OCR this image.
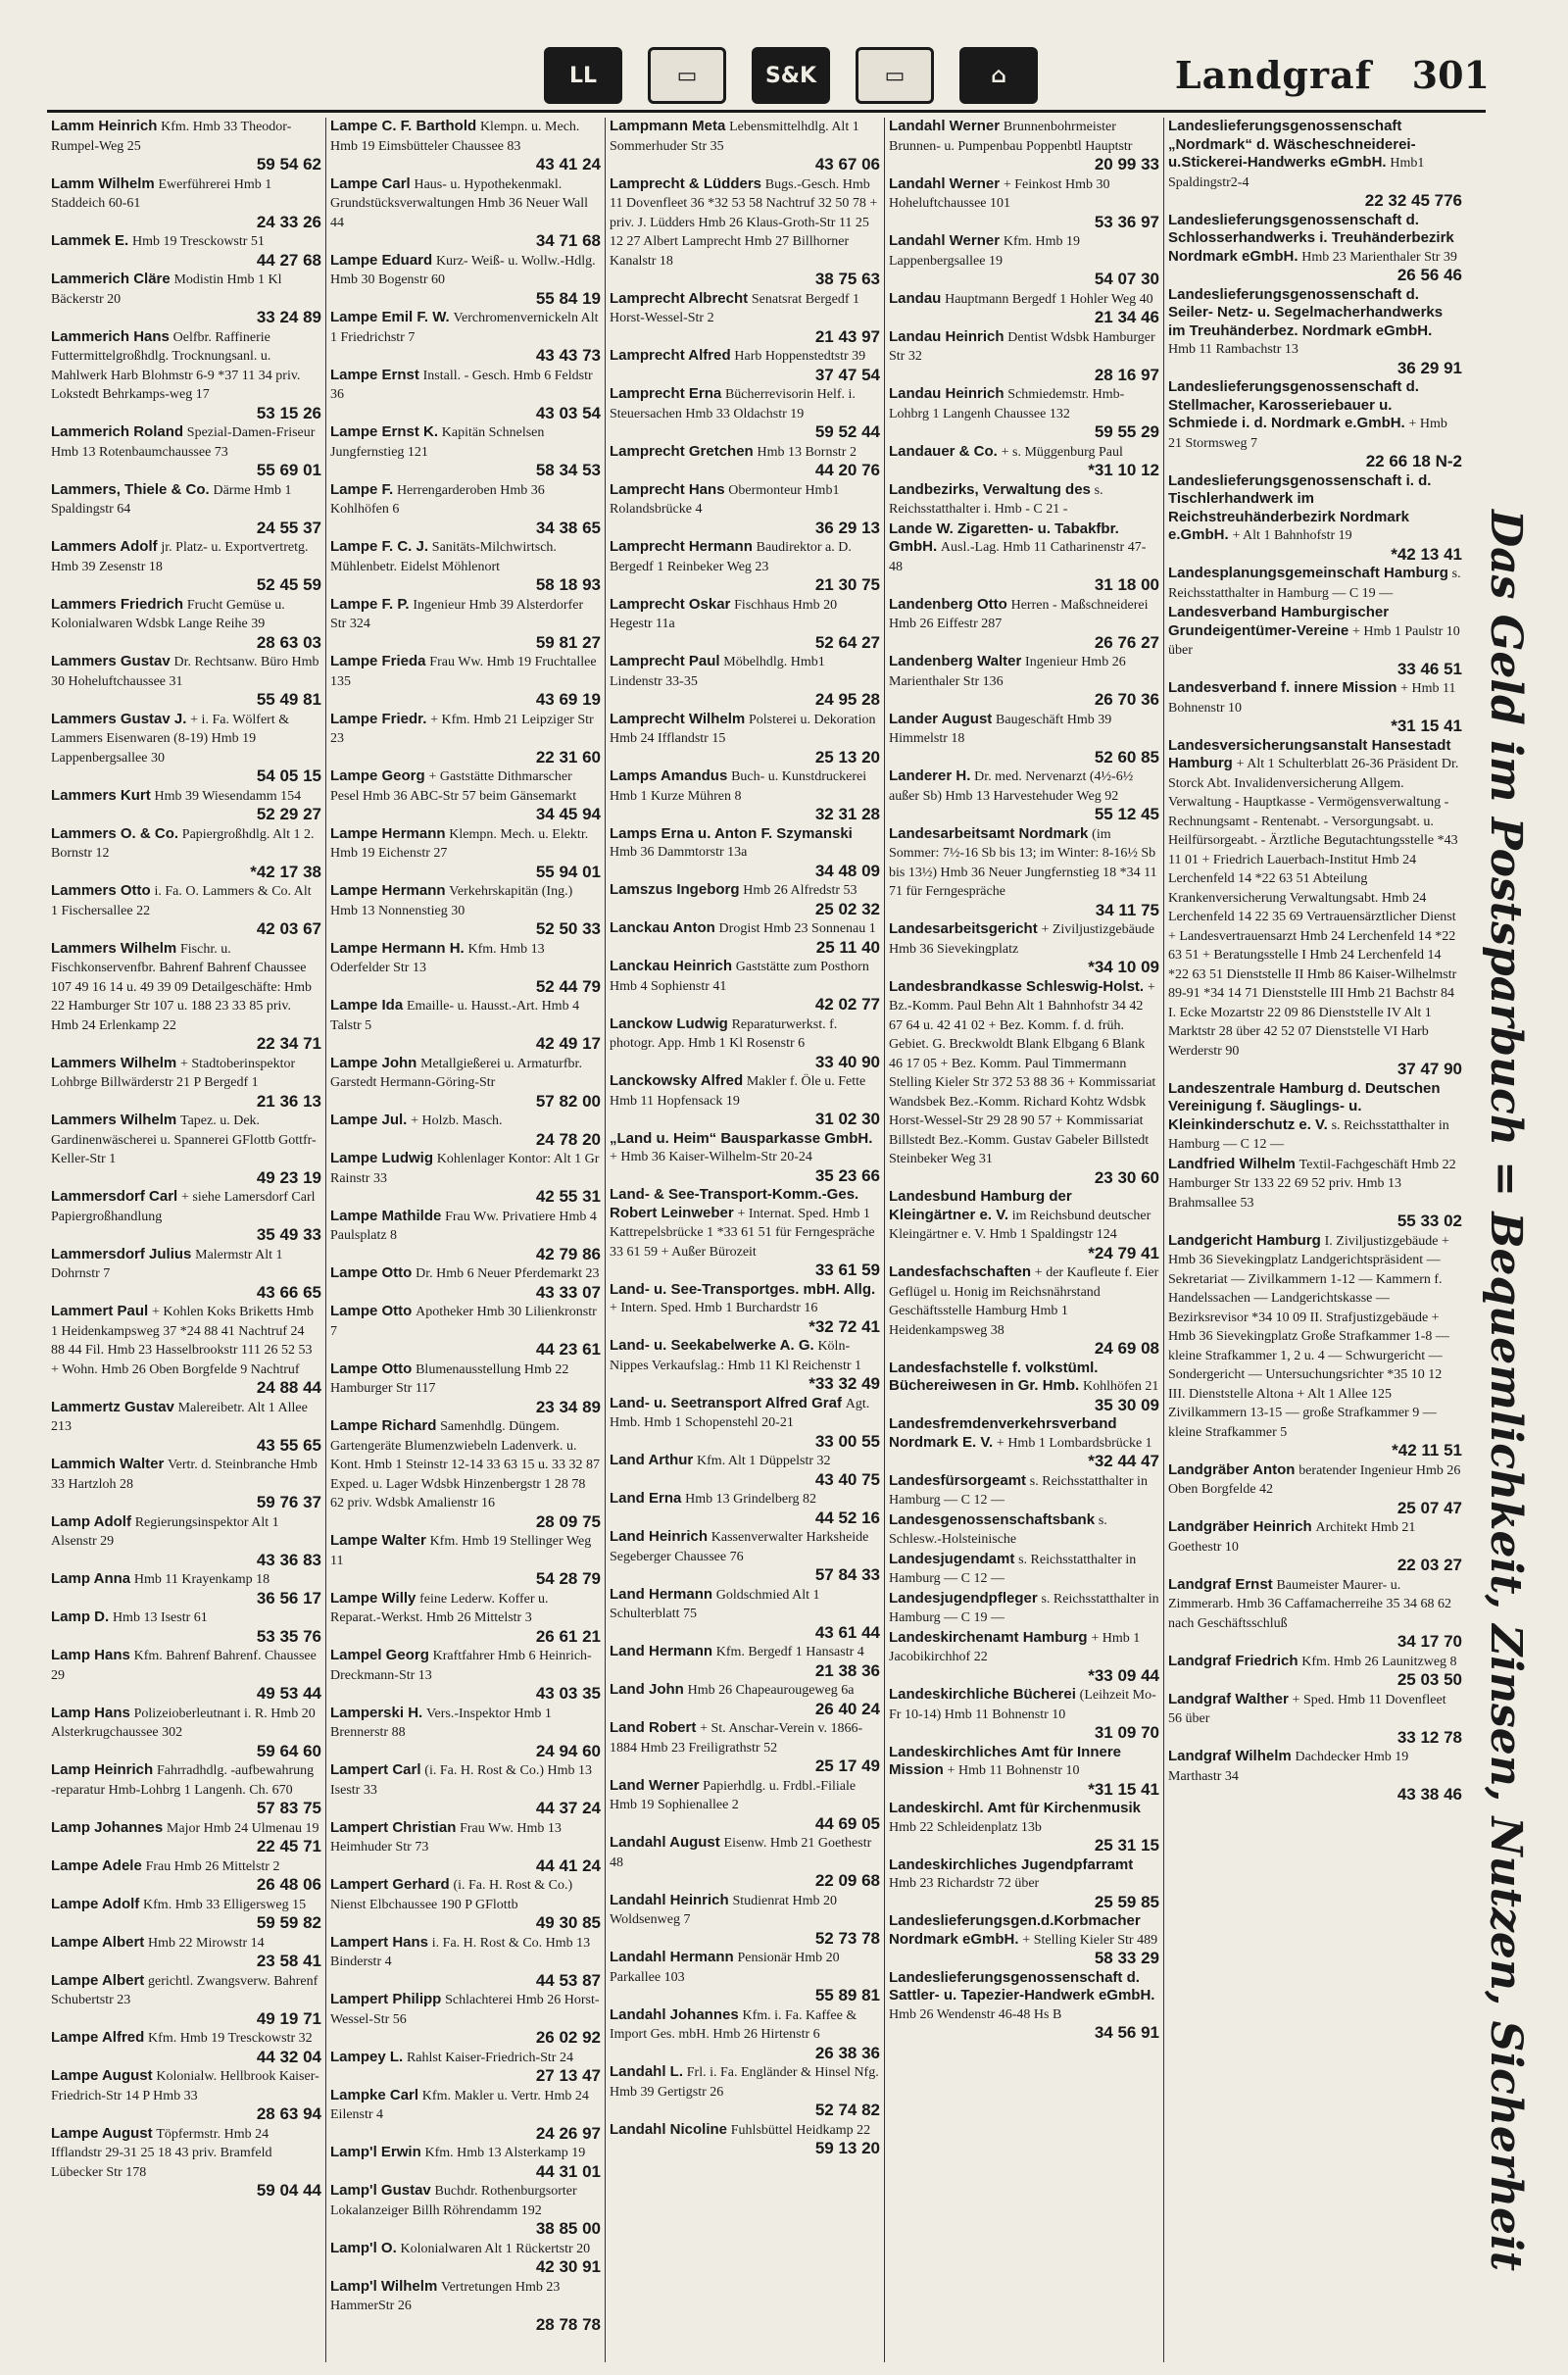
LL	▭	S&K	▭	⌂	Landgraf 301
Lamm Heinrich Kfm. Hmb 33 Theodor-Rumpel-Weg 25
59 54 62
Lamm Wilhelm Ewerführerei Hmb 1 Staddeich 60-61
24 33 26
Lammek E. Hmb 19 Tresckowstr 51
44 27 68
Lammerich Cläre Modistin Hmb 1 Kl Bäckerstr 20
33 24 89
Lammerich Hans Oelfbr. Raffinerie Futtermittelgroßhdlg. Trocknungsanl. u. Mahlwerk Harb Blohmstr 6-9 *37 11 34 priv. Lokstedt Behrkamps-weg 17
53 15 26
Lammerich Roland Spezial-Damen-Friseur Hmb 13 Rotenbaumchaussee 73
55 69 01
Lammers, Thiele & Co. Därme Hmb 1 Spaldingstr 64
24 55 37
Lammers Adolf jr. Platz- u. Exportvertretg. Hmb 39 Zesenstr 18
52 45 59
Lammers Friedrich Frucht Gemüse u. Kolonialwaren Wdsbk Lange Reihe 39
28 63 03
Lammers Gustav Dr. Rechtsanw. Büro Hmb 30 Hoheluftchaussee 31
55 49 81
Lammers Gustav J. + i. Fa. Wölfert & Lammers Eisenwaren (8-19) Hmb 19 Lappenbergsallee 30
54 05 15
Lammers Kurt Hmb 39 Wiesendamm 154
52 29 27
Lammers O. & Co. Papiergroßhdlg. Alt 1 2. Bornstr 12
*42 17 38
Lammers Otto i. Fa. O. Lammers & Co. Alt 1 Fischersallee 22
42 03 67
Lammers Wilhelm Fischr. u. Fischkonservenfbr. Bahrenf Bahrenf Chaussee 107 49 16 14 u. 49 39 09 Detailgeschäfte: Hmb 22 Hamburger Str 107 u. 188 23 33 85 priv. Hmb 24 Erlenkamp 22
22 34 71
Lammers Wilhelm + Stadtoberinspektor Lohbrge Billwärderstr 21 P Bergedf 1
21 36 13
Lammers Wilhelm Tapez. u. Dek. Gardinenwäscherei u. Spannerei GFlottb Gottfr-Keller-Str 1
49 23 19
Lammersdorf Carl + siehe Lamersdorf Carl Papiergroßhandlung
35 49 33
Lammersdorf Julius Malermstr Alt 1 Dohrnstr 7
43 66 65
Lammert Paul + Kohlen Koks Briketts Hmb 1 Heidenkampsweg 37 *24 88 41 Nachtruf 24 88 44 Fil. Hmb 23 Hasselbrookstr 111 26 52 53 + Wohn. Hmb 26 Oben Borgfelde 9 Nachtruf
24 88 44
Lammertz Gustav Malereibetr. Alt 1 Allee 213
43 55 65
Lammich Walter Vertr. d. Steinbranche Hmb 33 Hartzloh 28
59 76 37
Lamp Adolf Regierungsinspektor Alt 1 Alsenstr 29
43 36 83
Lamp Anna Hmb 11 Krayenkamp 18
36 56 17
Lamp D. Hmb 13 Isestr 61
53 35 76
Lamp Hans Kfm. Bahrenf Bahrenf. Chaussee 29
49 53 44
Lamp Hans Polizeioberleutnant i. R. Hmb 20 Alsterkrugchaussee 302
59 64 60
Lamp Heinrich Fahrradhdlg. -aufbewahrung -reparatur Hmb-Lohbrg 1 Langenh. Ch. 670
57 83 75
Lamp Johannes Major Hmb 24 Ulmenau 19
22 45 71
Lampe Adele Frau Hmb 26 Mittelstr 2
26 48 06
Lampe Adolf Kfm. Hmb 33 Elligersweg 15
59 59 82
Lampe Albert Hmb 22 Mirowstr 14
23 58 41
Lampe Albert gerichtl. Zwangsverw. Bahrenf Schubertstr 23
49 19 71
Lampe Alfred Kfm. Hmb 19 Tresckowstr 32
44 32 04
Lampe August Kolonialw. Hellbrook Kaiser-Friedrich-Str 14 P Hmb 33
28 63 94
Lampe August Töpfermstr. Hmb 24 Ifflandstr 29-31 25 18 43 priv. Bramfeld Lübecker Str 178
59 04 44
Lampe C. F. Barthold Klempn. u. Mech. Hmb 19 Eimsbütteler Chaussee 83
43 41 24
Lampe Carl Haus- u. Hypothekenmakl. Grundstücksverwaltungen Hmb 36 Neuer Wall 44
34 71 68
Lampe Eduard Kurz- Weiß- u. Wollw.-Hdlg. Hmb 30 Bogenstr 60
55 84 19
Lampe Emil F. W. Verchromenvernickeln Alt 1 Friedrichstr 7
43 43 73
Lampe Ernst Install. - Gesch. Hmb 6 Feldstr 36
43 03 54
Lampe Ernst K. Kapitän Schnelsen Jungfernstieg 121
58 34 53
Lampe F. Herrengarderoben Hmb 36 Kohlhöfen 6
34 38 65
Lampe F. C. J. Sanitäts-Milchwirtsch. Mühlenbetr. Eidelst Möhlenort
58 18 93
Lampe F. P. Ingenieur Hmb 39 Alsterdorfer Str 324
59 81 27
Lampe Frieda Frau Ww. Hmb 19 Fruchtallee 135
43 69 19
Lampe Friedr. + Kfm. Hmb 21 Leipziger Str 23
22 31 60
Lampe Georg + Gaststätte Dithmarscher Pesel Hmb 36 ABC-Str 57 beim Gänsemarkt
34 45 94
Lampe Hermann Klempn. Mech. u. Elektr. Hmb 19 Eichenstr 27
55 94 01
Lampe Hermann Verkehrskapitän (Ing.) Hmb 13 Nonnenstieg 30
52 50 33
Lampe Hermann H. Kfm. Hmb 13 Oderfelder Str 13
52 44 79
Lampe Ida Emaille- u. Hausst.-Art. Hmb 4 Talstr 5
42 49 17
Lampe John Metallgießerei u. Armaturfbr. Garstedt Hermann-Göring-Str
57 82 00
Lampe Jul. + Holzb. Masch.
24 78 20
Lampe Ludwig Kohlenlager Kontor: Alt 1 Gr Rainstr 33
42 55 31
Lampe Mathilde Frau Ww. Privatiere Hmb 4 Paulsplatz 8
42 79 86
Lampe Otto Dr. Hmb 6 Neuer Pferdemarkt 23
43 33 07
Lampe Otto Apotheker Hmb 30 Lilienkronstr 7
44 23 61
Lampe Otto Blumenausstellung Hmb 22 Hamburger Str 117
23 34 89
Lampe Richard Samenhdlg. Düngem. Gartengeräte Blumenzwiebeln Ladenverk. u. Kont. Hmb 1 Steinstr 12-14 33 63 15 u. 33 32 87 Exped. u. Lager Wdsbk Hinzenbergstr 1 28 78 62 priv. Wdsbk Amalienstr 16
28 09 75
Lampe Walter Kfm. Hmb 19 Stellinger Weg 11
54 28 79
Lampe Willy feine Lederw. Koffer u. Reparat.-Werkst. Hmb 26 Mittelstr 3
26 61 21
Lampel Georg Kraftfahrer Hmb 6 Heinrich-Dreckmann-Str 13
43 03 35
Lamperski H. Vers.-Inspektor Hmb 1 Brennerstr 88
24 94 60
Lampert Carl (i. Fa. H. Rost & Co.) Hmb 13 Isestr 33
44 37 24
Lampert Christian Frau Ww. Hmb 13 Heimhuder Str 73
44 41 24
Lampert Gerhard (i. Fa. H. Rost & Co.) Nienst Elbchaussee 190 P GFlottb
49 30 85
Lampert Hans i. Fa. H. Rost & Co. Hmb 13 Binderstr 4
44 53 87
Lampert Philipp Schlachterei Hmb 26 Horst-Wessel-Str 56
26 02 92
Lampey L. Rahlst Kaiser-Friedrich-Str 24
27 13 47
Lampke Carl Kfm. Makler u. Vertr. Hmb 24 Eilenstr 4
24 26 97
Lamp'l Erwin Kfm. Hmb 13 Alsterkamp 19
44 31 01
Lamp'l Gustav Buchdr. Rothenburgsorter Lokalanzeiger Billh Röhrendamm 192
38 85 00
Lamp'l O. Kolonialwaren Alt 1 Rückertstr 20
42 30 91
Lamp'l Wilhelm Vertretungen Hmb 23 HammerStr 26
28 78 78
Lampmann Meta Lebensmittelhdlg. Alt 1 Sommerhuder Str 35
43 67 06
Lamprecht & Lüdders Bugs.-Gesch. Hmb 11 Dovenfleet 36 *32 53 58 Nachtruf 32 50 78 + priv. J. Lüdders Hmb 26 Klaus-Groth-Str 11 25 12 27 Albert Lamprecht Hmb 27 Billhorner Kanalstr 18
38 75 63
Lamprecht Albrecht Senatsrat Bergedf 1 Horst-Wessel-Str 2
21 43 97
Lamprecht Alfred Harb Hoppenstedtstr 39
37 47 54
Lamprecht Erna Bücherrevisorin Helf. i. Steuersachen Hmb 33 Oldachstr 19
59 52 44
Lamprecht Gretchen Hmb 13 Bornstr 2
44 20 76
Lamprecht Hans Obermonteur Hmb1 Rolandsbrücke 4
36 29 13
Lamprecht Hermann Baudirektor a. D. Bergedf 1 Reinbeker Weg 23
21 30 75
Lamprecht Oskar Fischhaus Hmb 20 Hegestr 11a
52 64 27
Lamprecht Paul Möbelhdlg. Hmb1 Lindenstr 33-35
24 95 28
Lamprecht Wilhelm Polsterei u. Dekoration Hmb 24 Ifflandstr 15
25 13 20
Lamps Amandus Buch- u. Kunstdruckerei Hmb 1 Kurze Mühren 8
32 31 28
Lamps Erna u. Anton F. Szymanski Hmb 36 Dammtorstr 13a
34 48 09
Lamszus Ingeborg Hmb 26 Alfredstr 53
25 02 32
Lanckau Anton Drogist Hmb 23 Sonnenau 1
25 11 40
Lanckau Heinrich Gaststätte zum Posthorn Hmb 4 Sophienstr 41
42 02 77
Lanckow Ludwig Reparaturwerkst. f. photogr. App. Hmb 1 Kl Rosenstr 6
33 40 90
Lanckowsky Alfred Makler f. Öle u. Fette Hmb 11 Hopfensack 19
31 02 30
„Land u. Heim“ Bausparkasse GmbH. + Hmb 36 Kaiser-Wilhelm-Str 20-24
35 23 66
Land- & See-Transport-Komm.-Ges. Robert Leinweber + Internat. Sped. Hmb 1 Kattrepelsbrücke 1 *33 61 51 für Ferngespräche 33 61 59 + Außer Bürozeit
33 61 59
Land- u. See-Transportges. mbH. Allg. + Intern. Sped. Hmb 1 Burchardstr 16
*32 72 41
Land- u. Seekabelwerke A. G. Köln-Nippes Verkaufslag.: Hmb 11 Kl Reichenstr 1
*33 32 49
Land- u. Seetransport Alfred Graf Agt. Hmb. Hmb 1 Schopenstehl 20-21
33 00 55
Land Arthur Kfm. Alt 1 Düppelstr 32
43 40 75
Land Erna Hmb 13 Grindelberg 82
44 52 16
Land Heinrich Kassenverwalter Harksheide Segeberger Chaussee 76
57 84 33
Land Hermann Goldschmied Alt 1 Schulterblatt 75
43 61 44
Land Hermann Kfm. Bergedf 1 Hansastr 4
21 38 36
Land John Hmb 26 Chapeaurougeweg 6a
26 40 24
Land Robert + St. Anschar-Verein v. 1866-1884 Hmb 23 Freiligrathstr 52
25 17 49
Land Werner Papierhdlg. u. Frdbl.-Filiale Hmb 19 Sophienallee 2
44 69 05
Landahl August Eisenw. Hmb 21 Goethestr 48
22 09 68
Landahl Heinrich Studienrat Hmb 20 Woldsenweg 7
52 73 78
Landahl Hermann Pensionär Hmb 20 Parkallee 103
55 89 81
Landahl Johannes Kfm. i. Fa. Kaffee & Import Ges. mbH. Hmb 26 Hirtenstr 6
26 38 36
Landahl L. Frl. i. Fa. Engländer & Hinsel Nfg. Hmb 39 Gertigstr 26
52 74 82
Landahl Nicoline Fuhlsbüttel Heidkamp 22
59 13 20
Landahl Werner Brunnenbohrmeister Brunnen- u. Pumpenbau Poppenbtl Hauptstr
20 99 33
Landahl Werner + Feinkost Hmb 30 Hoheluftchaussee 101
53 36 97
Landahl Werner Kfm. Hmb 19 Lappenbergsallee 19
54 07 30
Landau Hauptmann Bergedf 1 Hohler Weg 40
21 34 46
Landau Heinrich Dentist Wdsbk Hamburger Str 32
28 16 97
Landau Heinrich Schmiedemstr. Hmb-Lohbrg 1 Langenh Chaussee 132
59 55 29
Landauer & Co. + s. Müggenburg Paul
*31 10 12
Landbezirks, Verwaltung des s. Reichsstatthalter i. Hmb - C 21 -
Lande W. Zigaretten- u. Tabakfbr. GmbH. Ausl.-Lag. Hmb 11 Catharinenstr 47-48
31 18 00
Landenberg Otto Herren - Maßschneiderei Hmb 26 Eiffestr 287
26 76 27
Landenberg Walter Ingenieur Hmb 26 Marienthaler Str 136
26 70 36
Lander August Baugeschäft Hmb 39 Himmelstr 18
52 60 85
Landerer H. Dr. med. Nervenarzt (4½-6½ außer Sb) Hmb 13 Harvestehuder Weg 92
55 12 45
Landesarbeitsamt Nordmark (im Sommer: 7½-16 Sb bis 13; im Winter: 8-16½ Sb bis 13½) Hmb 36 Neuer Jungfernstieg 18 *34 11 71 für Ferngespräche
34 11 75
Landesarbeitsgericht + Ziviljustizgebäude Hmb 36 Sievekingplatz
*34 10 09
Landesbrandkasse Schleswig-Holst. + Bz.-Komm. Paul Behn Alt 1 Bahnhofstr 34 42 67 64 u. 42 41 02 + Bez. Komm. f. d. früh. Gebiet. G. Breckwoldt Blank Elbgang 6 Blank 46 17 05 + Bez. Komm. Paul Timmermann Stelling Kieler Str 372 53 88 36 + Kommissariat Wandsbek Bez.-Komm. Richard Kohtz Wdsbk Horst-Wessel-Str 29 28 90 57 + Kommissariat Billstedt Bez.-Komm. Gustav Gabeler Billstedt Steinbeker Weg 31
23 30 60
Landesbund Hamburg der Kleingärtner e. V. im Reichsbund deutscher Kleingärtner e. V. Hmb 1 Spaldingstr 124
*24 79 41
Landesfachschaften + der Kaufleute f. Eier Geflügel u. Honig im Reichsnährstand Geschäftsstelle Hamburg Hmb 1 Heidenkampsweg 38
24 69 08
Landesfachstelle f. volkstüml. Büchereiwesen in Gr. Hmb. Kohlhöfen 21
35 30 09
Landesfremdenverkehrsverband Nordmark E. V. + Hmb 1 Lombardsbrücke 1
*32 44 47
Landesfürsorgeamt s. Reichsstatthalter in Hamburg — C 12 —
Landesgenossenschaftsbank s. Schlesw.-Holsteinische
Landesjugendamt s. Reichsstatthalter in Hamburg — C 12 —
Landesjugendpfleger s. Reichsstatthalter in Hamburg — C 19 —
Landeskirchenamt Hamburg + Hmb 1 Jacobikirchhof 22
*33 09 44
Landeskirchliche Bücherei (Leihzeit Mo-Fr 10-14) Hmb 11 Bohnenstr 10
31 09 70
Landeskirchliches Amt für Innere Mission + Hmb 11 Bohnenstr 10
*31 15 41
Landeskirchl. Amt für Kirchenmusik Hmb 22 Schleidenplatz 13b
25 31 15
Landeskirchliches Jugendpfarramt Hmb 23 Richardstr 72 über
25 59 85
Landeslieferungsgen.d.Korbmacher Nordmark eGmbH. + Stelling Kieler Str 489
58 33 29
Landeslieferungsgenossenschaft d. Sattler- u. Tapezier-Handwerk eGmbH. Hmb 26 Wendenstr 46-48 Hs B
34 56 91
Landeslieferungsgenossenschaft „Nordmark“ d. Wäscheschneiderei-u.Stickerei-Handwerks eGmbH. Hmb1 Spaldingstr2-4
22 32 45 776
Landeslieferungsgenossenschaft d. Schlosserhandwerks i. Treuhänderbezirk Nordmark eGmbH. Hmb 23 Marienthaler Str 39
26 56 46
Landeslieferungsgenossenschaft d. Seiler- Netz- u. Segelmacherhandwerks im Treuhänderbez. Nordmark eGmbH. Hmb 11 Rambachstr 13
36 29 91
Landeslieferungsgenossenschaft d. Stellmacher, Karosseriebauer u. Schmiede i. d. Nordmark e.GmbH. + Hmb 21 Stormsweg 7
22 66 18 N-2
Landeslieferungsgenossenschaft i. d. Tischlerhandwerk im Reichstreuhänderbezirk Nordmark e.GmbH. + Alt 1 Bahnhofstr 19
*42 13 41
Landesplanungsgemeinschaft Hamburg s. Reichsstatthalter in Hamburg — C 19 —
Landesverband Hamburgischer Grundeigentümer-Vereine + Hmb 1 Paulstr 10 über
33 46 51
Landesverband f. innere Mission + Hmb 11 Bohnenstr 10
*31 15 41
Landesversicherungsanstalt Hansestadt Hamburg + Alt 1 Schulterblatt 26-36 Präsident Dr. Storck Abt. Invalidenversicherung Allgem. Verwaltung - Hauptkasse - Vermögensverwaltung - Rechnungsamt - Rentenabt. - Versorgungsabt. u. Heilfürsorgeabt. - Ärztliche Begutachtungsstelle *43 11 01 + Friedrich Lauerbach-Institut Hmb 24 Lerchenfeld 14 *22 63 51 Abteilung Krankenversicherung Verwaltungsabt. Hmb 24 Lerchenfeld 14 22 35 69 Vertrauensärztlicher Dienst + Landesvertrauensarzt Hmb 24 Lerchenfeld 14 *22 63 51 + Beratungsstelle I Hmb 24 Lerchenfeld 14 *22 63 51 Dienststelle II Hmb 86 Kaiser-Wilhelmstr 89-91 *34 14 71 Dienststelle III Hmb 21 Bachstr 84 I. Ecke Mozartstr 22 09 86 Dienststelle IV Alt 1 Marktstr 28 über 42 52 07 Dienststelle VI Harb Werderstr 90
37 47 90
Landeszentrale Hamburg d. Deutschen Vereinigung f. Säuglings- u. Kleinkinderschutz e. V. s. Reichsstatthalter in Hamburg — C 12 —
Landfried Wilhelm Textil-Fachgeschäft Hmb 22 Hamburger Str 133 22 69 52 priv. Hmb 13 Brahmsallee 53
55 33 02
Landgericht Hamburg I. Ziviljustizgebäude + Hmb 36 Sievekingplatz Landgerichtspräsident — Sekretariat — Zivilkammern 1-12 — Kammern f. Handelssachen — Landgerichtskasse — Bezirksrevisor *34 10 09 II. Strafjustizgebäude + Hmb 36 Sievekingplatz Große Strafkammer 1-8 — kleine Strafkammer 1, 2 u. 4 — Schwurgericht — Sondergericht — Untersuchungsrichter *35 10 12 III. Dienststelle Altona + Alt 1 Allee 125 Zivilkammern 13-15 — große Strafkammer 9 — kleine Strafkammer 5
*42 11 51
Landgräber Anton beratender Ingenieur Hmb 26 Oben Borgfelde 42
25 07 47
Landgräber Heinrich Architekt Hmb 21 Goethestr 10
22 03 27
Landgraf Ernst Baumeister Maurer- u. Zimmerarb. Hmb 36 Caffamacherreihe 35 34 68 62 nach Geschäftsschluß
34 17 70
Landgraf Friedrich Kfm. Hmb 26 Launitzweg 8
25 03 50
Landgraf Walther + Sped. Hmb 11 Dovenfleet 56 über
33 12 78
Landgraf Wilhelm Dachdecker Hmb 19 Marthastr 34
43 38 46 Das Geld im Postsparbuch = Bequemlichkeit, Zinsen, Nutzen, Sicherheit
